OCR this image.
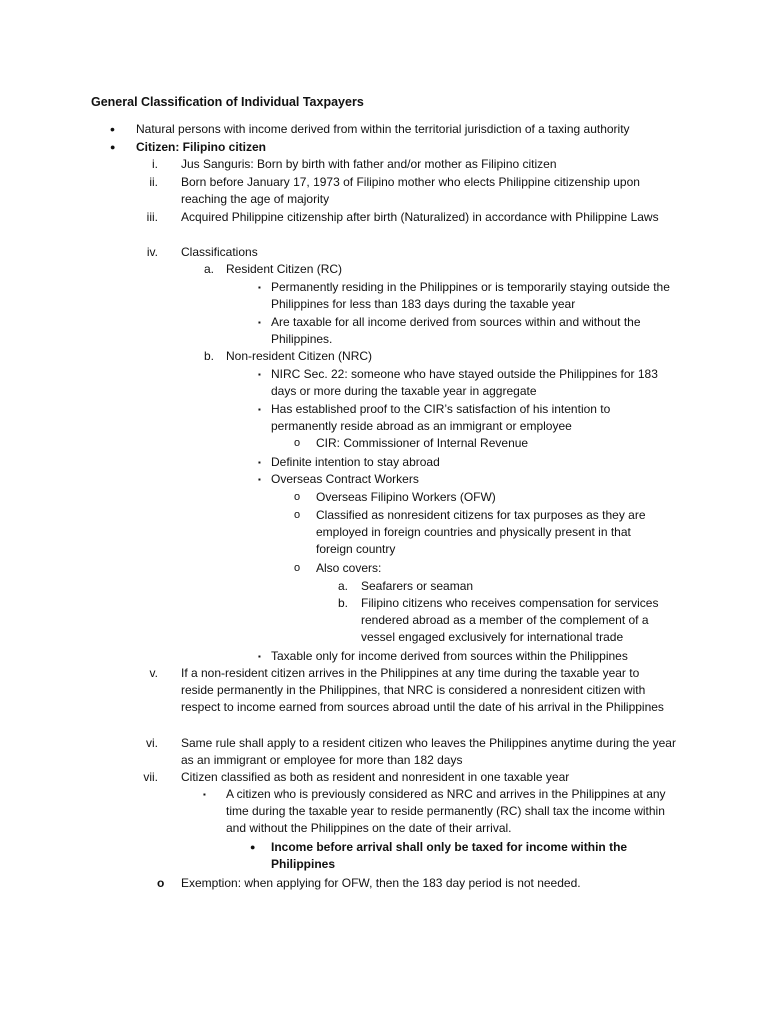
General Classification of Individual Taxpayers
•	Natural persons with income derived from within the territorial jurisdiction of a taxing authority
●	Citizen: Filipino citizen
i. Jus Sanguris: Born by birth with father and/or mother as Filipino citizen
ii. Born before January 17, 1973 of Filipino mother who elects Philippine citizenship upon reaching the age of majority
iii. Acquired Philippine citizenship after birth (Naturalized) in accordance with Philippine Laws
iv. Classifications
a. Resident Citizen (RC)
▪ Permanently residing in the Philippines or is temporarily staying outside the Philippines for less than 183 days during the taxable year
▪ Are taxable for all income derived from sources within and without the Philippines.
b. Non-resident Citizen (NRC)
▪ NIRC Sec. 22: someone who have stayed outside the Philippines for 183 days or more during the taxable year in aggregate
▪ Has established proof to the CIR’s satisfaction of his intention to permanently reside abroad as an immigrant or employee
o	CIR: Commissioner of Internal Revenue
▪ Definite intention to stay abroad
▪ Overseas Contract Workers
o	Overseas Filipino Workers (OFW)
o	Classified as nonresident citizens for tax purposes as they are employed in foreign countries and physically present in that foreign country
o	Also covers:
a. Seafarers or seaman
b. Filipino citizens who receives compensation for services rendered abroad as a member of the complement of a vessel engaged exclusively for international trade
▪ Taxable only for income derived from sources within the Philippines
v. If a non-resident citizen arrives in the Philippines at any time during the taxable year to reside permanently in the Philippines, that NRC is considered a nonresident citizen with respect to income earned from sources abroad until the date of his arrival in the Philippines
vi. Same rule shall apply to a resident citizen who leaves the Philippines anytime during the year as an immigrant or employee for more than 182 days
vii. Citizen classified as both as resident and nonresident in one taxable year
▪	A citizen who is previously considered as NRC and arrives in the Philippines at any time during the taxable year to reside permanently (RC) shall tax the income within and without the Philippines on the date of their arrival.
●	Income before arrival shall only be taxed for income within the Philippines
o Exemption: when applying for OFW, then the 183 day period is not needed.
